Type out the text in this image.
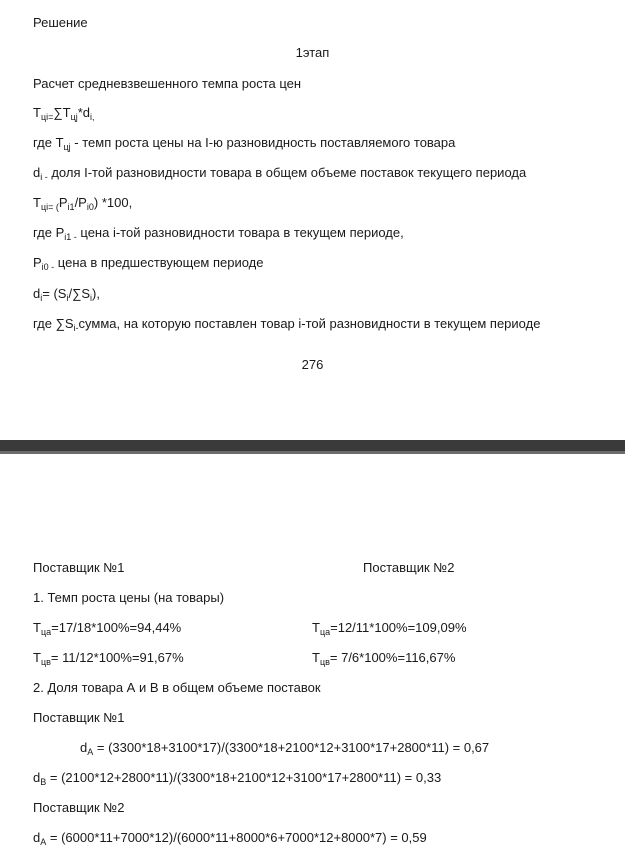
Решение
1этап
Расчет средневзвешенного темпа роста цен
$Т_{цi=}\sum Т_{цj}*d_{i,}$
где $Т_{цj}$ - темп роста цены на I-ю разновидность поставляемого товара
$d_{i -}$ доля I-той разновидности товара в общем объеме поставок текущего периода
$Т_{цi= (}P_{i1}/P_{i0}$) *100,
где $P_{i1 -}$ цена i-той разновидности товара в текущем периоде,
$P_{i0 -}$ цена в предшествующем периоде
$d_i= (S_i/\sum S_i)$,
где $\sum S_{i-}сумма$, на которую поставлен товар i-той разновидности в текущем периоде
276
Поставщик №1	Поставщик №2
1. Темп роста цены (на товары)
$Т_{ца}=17/18*100\%=94,44\%$	$Т_{ца}=12/11*100\%=109,09\%$
$Т_{цв}= 11/12*100\%=91,67\%$	$Т_{цв}= 7/6*100\%=116,67\%$
2. Доля товара А и В в общем объеме поставок
Поставщик №1
$d_A = (3300*18+3100*17)/(3300*18+2100*12+3100*17+2800*11) = 0,67$
$d_B = (2100*12+2800*11)/(3300*18+2100*12+3100*17+2800*11) = 0,33$
Поставщик №2
$d_A = (6000*11+7000*12)/(6000*11+8000*6+7000*12+8000*7) = 0,59$
